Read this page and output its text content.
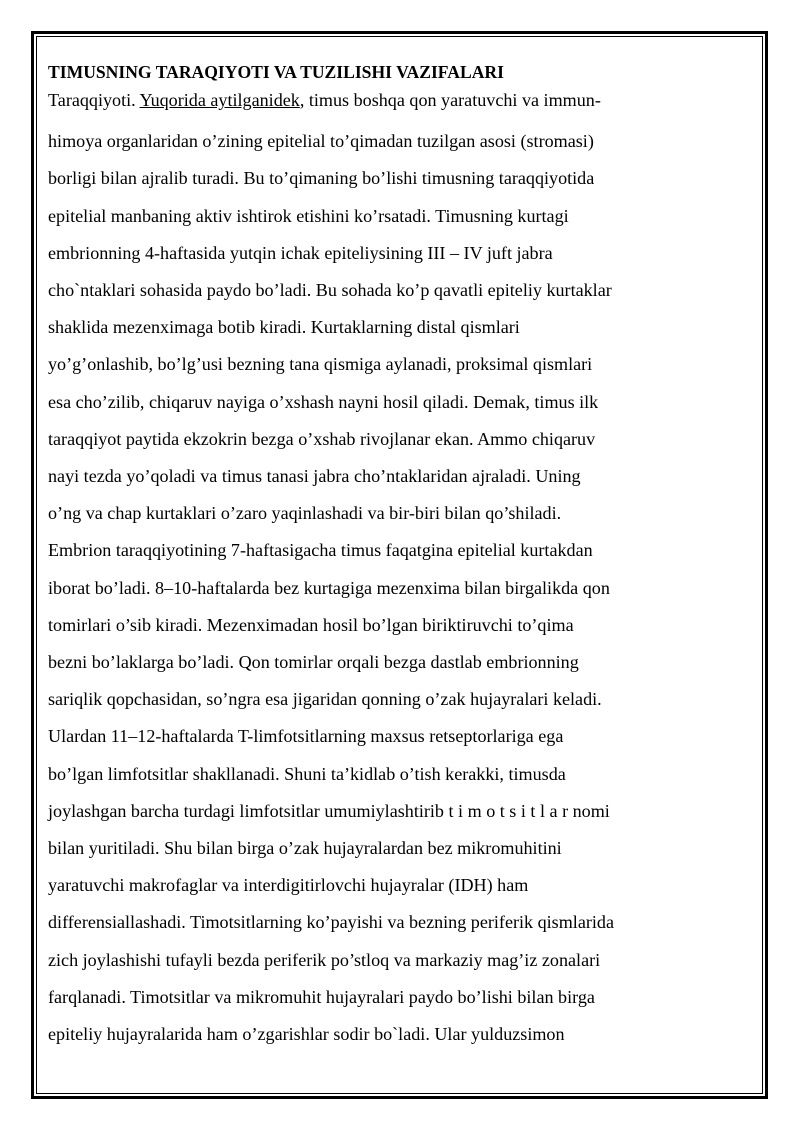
TIMUSNING TARAQIYOTI VA TUZILISHI VAZIFALARI

Taraqqiyoti. Yuqorida aytilganidek, timus boshqa qon yaratuvchi va immun-

himoya organlaridan o’zining epitelial to’qimadan tuzilgan asosi (stromasi)

borligi bilan ajralib turadi. Bu to’qimaning bo’lishi timusning taraqqiyotida

epitelial manbaning aktiv ishtirok etishini ko’rsatadi. Timusning kurtagi

embrionning 4-haftasida yutqin ichak epiteliysining III – IV juft jabra

cho`ntaklari sohasida paydo bo’ladi. Bu sohada ko’p qavatli epiteliy kurtaklar

shaklida mezenximaga botib kiradi. Kurtaklarning distal qismlari

yo’g’onlashib, bo’lg’usi bezning tana qismiga aylanadi, proksimal qismlari

esa cho’zilib, chiqaruv nayiga o’xshash nayni hosil qiladi. Demak, timus ilk

taraqqiyot paytida ekzokrin bezga o’xshab rivojlanar ekan. Ammo chiqaruv

nayi tezda yo’qoladi va timus tanasi jabra cho’ntaklaridan ajraladi. Uning

o’ng va chap kurtaklari o’zaro yaqinlashadi va bir-biri bilan qo’shiladi.

Embrion taraqqiyotining 7-haftasigacha timus faqatgina epitelial kurtakdan

iborat bo’ladi. 8–10-haftalarda bez kurtagiga mezenxima bilan birgalikda qon

tomirlari o’sib kiradi. Mezenximadan hosil bo’lgan biriktiruvchi to’qima

bezni bo’laklarga bo’ladi. Qon tomirlar orqali bezga dastlab embrionning

sariqlik qopchasidan, so’ngra esa jigaridan qonning o’zak hujayralari keladi.

Ulardan 11–12-haftalarda T-limfotsitlarning maxsus retseptorlariga ega

bo’lgan limfotsitlar shakllanadi. Shuni ta’kidlab o’tish kerakki, timusda

joylashgan barcha turdagi limfotsitlar umumiylashtirib t i m o t s i t l a r nomi

bilan yuritiladi. Shu bilan birga o’zak hujayralardan bez mikromuhitini

yaratuvchi makrofaglar va interdigitirlovchi hujayralar (IDH) ham

differensiallashadi. Timotsitlarning ko’payishi va bezning periferik qismlarida

zich joylashishi tufayli bezda periferik po’stloq va markaziy mag’iz zonalari

farqlanadi. Timotsitlar va mikromuhit hujayralari paydo bo’lishi bilan birga

epiteliy hujayralarida ham o’zgarishlar sodir bo`ladi. Ular yulduzsimon
